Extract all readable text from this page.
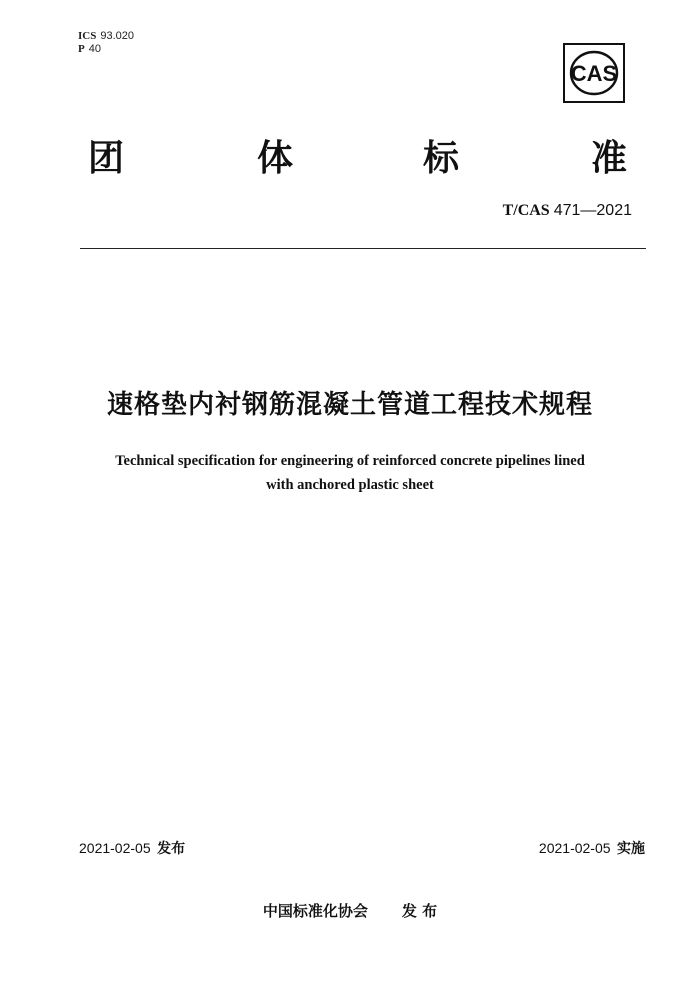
ICS 93.020
P 40
CAS
团	体	标	准
T/CAS 471—2021
速格垫内衬钢筋混凝土管道工程技术规程
Technical specification for engineering of reinforced concrete pipelines lined
with anchored plastic sheet
2021-02-05 发布	2021-02-05 实施
中国标准化协会 发 布
